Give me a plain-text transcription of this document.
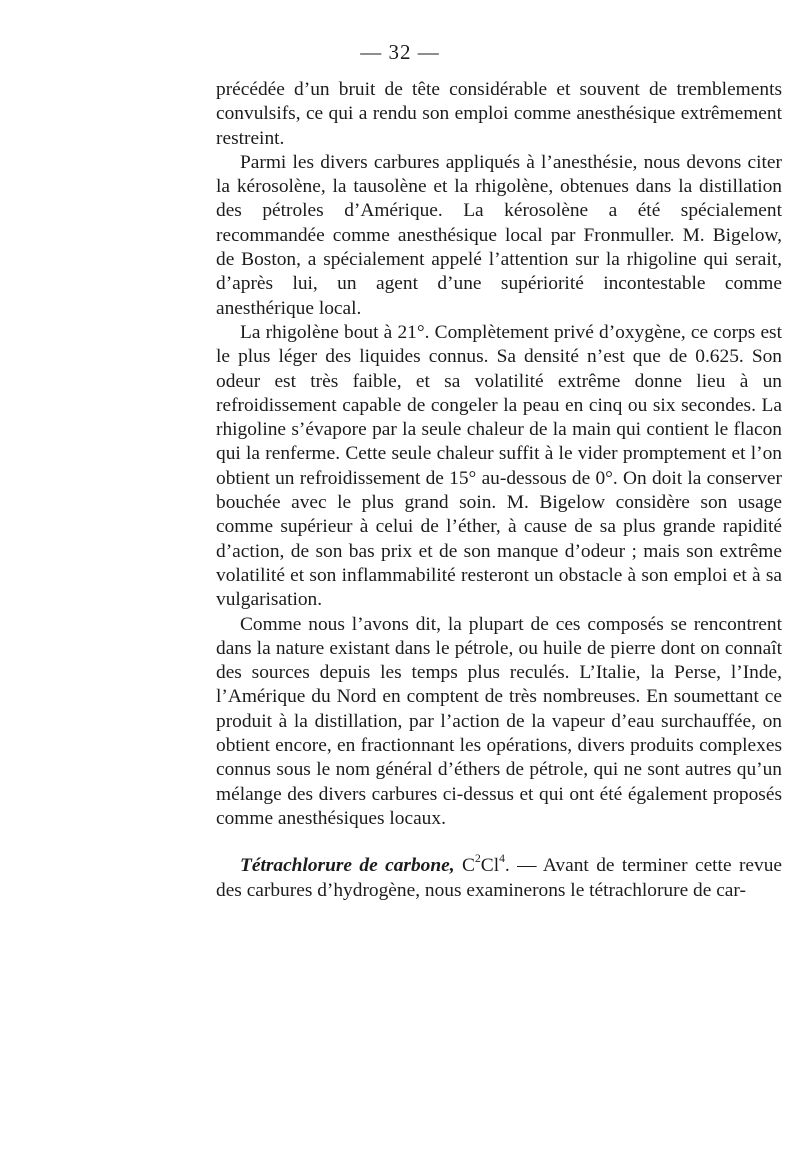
— 32 —

précédée d’un bruit de tête considérable et souvent de tremblements convulsifs, ce qui a rendu son emploi comme anesthésique extrêmement restreint.

Parmi les divers carbures appliqués à l’anesthésie, nous devons citer la kérosolène, la tausolène et la rhigolène, obtenues dans la distillation des pétroles d’Amérique. La kérosolène a été spécialement recommandée comme anesthésique local par Fronmuller. M. Bigelow, de Boston, a spécialement appelé l’attention sur la rhigoline qui serait, d’après lui, un agent d’une supériorité incontestable comme anesthérique local.

La rhigolène bout à 21°. Complètement privé d’oxygène, ce corps est le plus léger des liquides connus. Sa densité n’est que de 0.625. Son odeur est très faible, et sa volatilité extrême donne lieu à un refroidissement capable de congeler la peau en cinq ou six secondes. La rhigoline s’évapore par la seule chaleur de la main qui contient le flacon qui la renferme. Cette seule chaleur suffit à le vider promptement et l’on obtient un refroidissement de 15° au-dessous de 0°. On doit la conserver bouchée avec le plus grand soin. M. Bigelow considère son usage comme supérieur à celui de l’éther, à cause de sa plus grande rapidité d’action, de son bas prix et de son manque d’odeur ; mais son extrême volatilité et son inflammabilité resteront un obstacle à son emploi et à sa vulgarisation.

Comme nous l’avons dit, la plupart de ces composés se rencontrent dans la nature existant dans le pétrole, ou huile de pierre dont on connaît des sources depuis les temps plus reculés. L’Italie, la Perse, l’Inde, l’Amérique du Nord en comptent de très nombreuses. En soumettant ce produit à la distillation, par l’action de la vapeur d’eau surchauffée, on obtient encore, en fractionnant les opérations, divers produits complexes connus sous le nom général d’éthers de pétrole, qui ne sont autres qu’un mélange des divers carbures ci-dessus et qui ont été également proposés comme anesthésiques locaux.

Tétrachlorure de carbone, $C^2Cl^4$. — Avant de terminer cette revue des carbures d’hydrogène, nous examinerons le tétrachlorure de car-
